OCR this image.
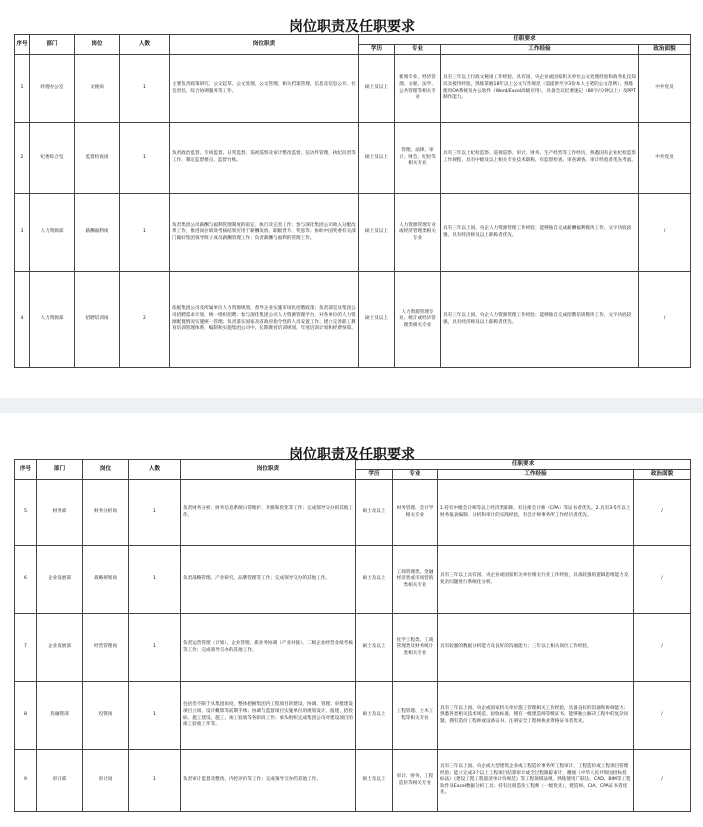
岗位职责及任职要求
序号	部门	岗位	人数	岗位职责	任职要求			
					学历	专业	工作经验	政治面貌
1	经理办公室	文秘岗	1	主要负责政策研究、公文起草、公文处理、公文管理、相关档案管理、信息及信息公开、社会责任、综合协调服务等工作。	硕士及以上	新闻专业、经济管理、文秘、法学、公共管理等相关专业	具有三年以上行政文秘岗工作经验，具有国、央企业或国家机关单位公文处理经验和政务礼仪知识及接待经验。熟练掌握18年以上公文写作规范（需提供至少3份本人主笔的公文范例），熟练使用OA系统及办公软件（Word/Excel高级应用），具备会议纪要速记（80字/分钟以上）及PPT制作能力。	中共党员
2	纪委综合室	监督检查岗	1	负责政治监督、专项监督、日常监督，巡视巡察及审计整改监督，信访件管理，执纪问责等工作，制定监督要点、监督台账。	硕士及以上	管理、法律、审计、财会、纪检等相关专业	具有三年以上纪检监察、巡视巡察、审计、财务、生产经营等工作经历，熟悉国有企业纪检监察工作规程，具有中级及以上相关专业技术职称，有监督检查、审查调查、审计经验者优先考虑。	中共党员
3	人力资源部	薪酬福利岗	1	负责集团公司薪酬与福利管理制度的拟定、执行及完善工作；参与深化集团公司收入分配改革工作，推进岗位绩效考核结果应用于薪酬发放、职级晋升、奖惩等；协助中国奖委有关部门做好集团领导班子成员薪酬管理工作；负责薪酬与福利的管理工作。	硕士及以上	人力资源管理专业或经济管理类相关专业	具有三年以上国、央企人力资源管理工作经验；能够独自完成薪酬福利模块工作，文字功底较强，具有经济师及以上职称者优先。	/
4	人力资源部	招聘培训岗	2	依据集团公司及所属单位人力资源规划，督导企业实施市场化招聘政策；负责部室及集团公司招聘需求计划，统一组织招聘；参与深化集团公司人力资源管理平台，对各单位的人力资源配置情况实施统一管理；负责落实国家及省政府指令性的人员安置工作；建立完善职工教育培训管理体系，编制和实施集团公司中、长期教育培训规划、年度培训计划和经费预算。	硕士及以上	人力资源管理专业、统计或经济管理类相关专业	具有三年以上国、央企人力资源管理工作经验；能够独自完成招聘培训模块工作，文字功底较强，具有经济师及以上职称者优先。	/
岗位职责及任职要求
序号	部门	岗位	人数	岗位职责	任职要求			
					学历	专业	工作经验	政治面貌
5	财务部	财务分析岗	1	负责财务分析、财务信息系统日常维护、升级和优化等工作；完成领导交办的其他工作。	硕士及以上	财务管理、会计学相关专业	1.持有中级会计师等以上经济类职称，有注册会计师（CPA）等证书者优先。2.具有3-5年以上财务报表编制、分析和审计的实践经验，有会计师事务所工作经历者优先。	/
6	企业发展部	战略规划岗	1	负责战略管理、产业研究、品牌管理等工作；完成领导交办的其他工作。	硕士及以上	工商管理类、金融经济类或市场营销类相关专业	具有三年以上具有国、央企业或国家机关单位相关行业工作经验，具备较强的逻辑思维能力及复杂问题进行系统化分析。	/
7	企业发展部	经营管理岗	1	负责运营管理（计划）、企业管理、新业务协调（产业对接）、二级企业经营业绩考核等工作；完成领导交办的其他工作。	硕士及以上	化学工程类、工商管理类及财务统计类相关专业	具有较强的数据分析能力及良好的沟通能力；三年以上相关岗位工作经验。	/
8	投融资部	投资岗	1	包括但不限于从集团角度，整体把握集团内工程项目的建设、协调、管理；审批建设项目立项、设计概算等前期手续；协调与监督项目实施单位的规划设计、报建、招投标、施工建设、施工、竣工验收等各阶段工作；承头组织完成集团公司对建设项目的竣工验收工作等。	硕士及以上	工程管理、土木工程等相关专业	具有三年以上国、央企或国家机关单位施工管理相关工作经验，具备良好的沟通和协调能力；熟悉各类相关技术规范、验收标准，拥有一级建造师等级证书，能够独立解决工程中的复杂问题，拥有造价工程师或设备证书、注册安全工程师执业资格证书者优先。	/
9	审计部	审计岗	1	负责审计监督及整改、内控评价等工作；完成领导交办的其他工作。	硕士及以上	审计、财务、工程造价等相关专业	具有三年以上国、央企或大型建筑企业或工程造价事务所工程审计、工程造价或工程项目管理经验；能立完成3个以上工程项目结算审计或全过程跟踪审计，精通《中华人民共和国招标投标法》《建设工程工程量清单计价规范》等工程领域法规，熟练使用广联达、CAD、BIM等工程软件及Excel数据分析工具；持有注册造价工程师（一级优先）、建造师、CIA、CPA证书者优先。	/
